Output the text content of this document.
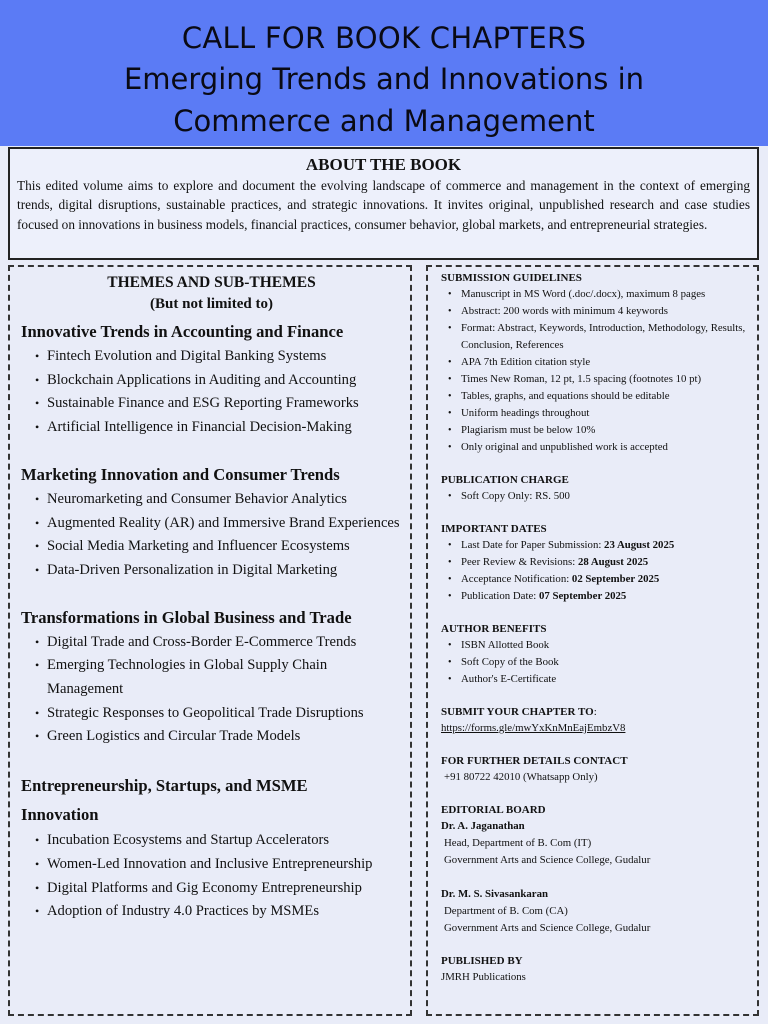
CALL FOR BOOK CHAPTERS
Emerging Trends and Innovations in
Commerce and Management
ABOUT THE BOOK

This edited volume aims to explore and document the evolving landscape of commerce and management in the context of emerging trends, digital disruptions, sustainable practices, and strategic innovations. It invites original, unpublished research and case studies focused on innovations in business models, financial practices, consumer behavior, global markets, and entrepreneurial strategies.

THEMES AND SUB-THEMES
(But not limited to)
Innovative Trends in Accounting and Finance
• Fintech Evolution and Digital Banking Systems
• Blockchain Applications in Auditing and Accounting
• Sustainable Finance and ESG Reporting Frameworks
• Artificial Intelligence in Financial Decision-Making
Marketing Innovation and Consumer Trends
• Neuromarketing and Consumer Behavior Analytics
• Augmented Reality (AR) and Immersive Brand Experiences
• Social Media Marketing and Influencer Ecosystems
• Data-Driven Personalization in Digital Marketing
Transformations in Global Business and Trade
• Digital Trade and Cross-Border E-Commerce Trends
• Emerging Technologies in Global Supply Chain Management
• Strategic Responses to Geopolitical Trade Disruptions
• Green Logistics and Circular Trade Models
Entrepreneurship, Startups, and MSME Innovation
• Incubation Ecosystems and Startup Accelerators
• Women-Led Innovation and Inclusive Entrepreneurship
• Digital Platforms and Gig Economy Entrepreneurship
• Adoption of Industry 4.0 Practices by MSMEs
SUBMISSION GUIDELINES
• Manuscript in MS Word (.doc/.docx), maximum 8 pages
• Abstract: 200 words with minimum 4 keywords
• Format: Abstract, Keywords, Introduction, Methodology, Results, Conclusion, References
• APA 7th Edition citation style
• Times New Roman, 12 pt, 1.5 spacing (footnotes 10 pt)
• Tables, graphs, and equations should be editable
• Uniform headings throughout
• Plagiarism must be below 10%
• Only original and unpublished work is accepted
PUBLICATION CHARGE
• Soft Copy Only: RS. 500
IMPORTANT DATES
• Last Date for Paper Submission: 23 August 2025
• Peer Review & Revisions: 28 August 2025
• Acceptance Notification: 02 September 2025
• Publication Date: 07 September 2025
AUTHOR BENEFITS
• ISBN Allotted Book
• Soft Copy of the Book
• Author's E-Certificate
SUBMIT YOUR CHAPTER TO:
https://forms.gle/mwYxKnMnEajEmbzV8
FOR FURTHER DETAILS CONTACT
+91 80722 42010 (Whatsapp Only)
EDITORIAL BOARD
Dr. A. Jaganathan
Head, Department of B. Com (IT)
Government Arts and Science College, Gudalur
Dr. M. S. Sivasankaran
Department of B. Com (CA)
Government Arts and Science College, Gudalur
PUBLISHED BY
JMRH Publications
